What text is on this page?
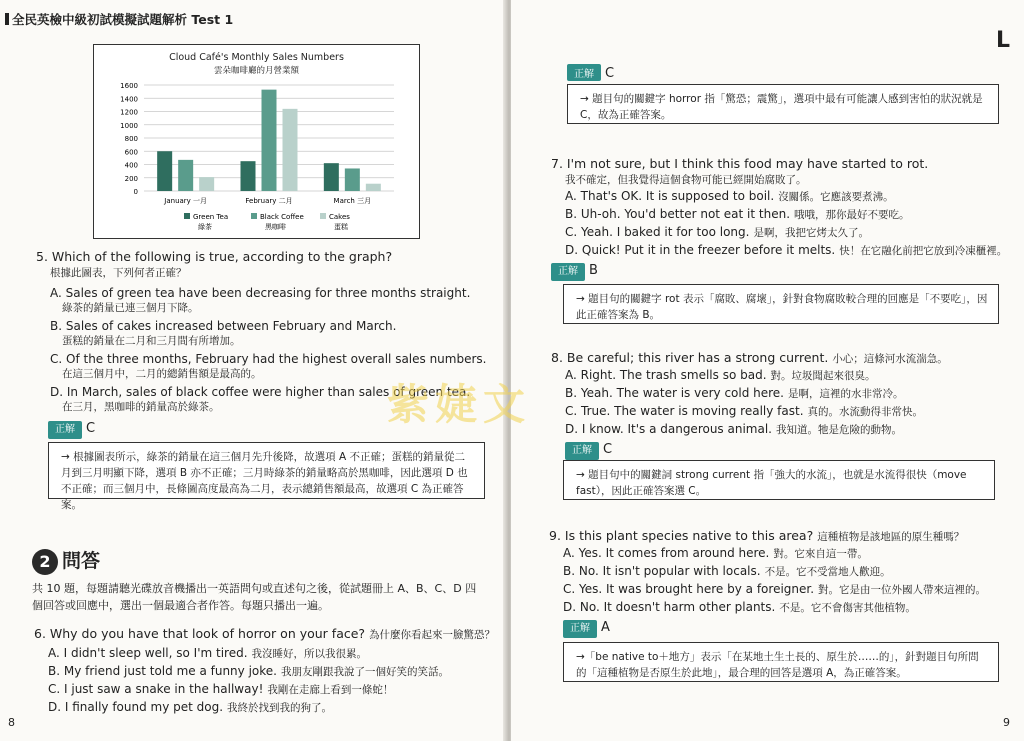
全民英檢中級初試模擬試題解析 Test 1
Cloud Café's Monthly Sales Numbers
雲朵咖啡廳的月營業額
0
200
400
600
800
1000
1200
1400
1600
January 一月	February 二月	March 三月
Green Tea
綠茶
Black Coffee
黑咖啡
Cakes
蛋糕
5. Which of the following is true, according to the graph?
根據此圖表，下列何者正確？
A. Sales of green tea have been decreasing for three months straight.
綠茶的銷量已連三個月下降。
B. Sales of cakes increased between February and March.
蛋糕的銷量在二月和三月間有所增加。
C. Of the three months, February had the highest overall sales numbers.
在這三個月中，二月的總銷售額是最高的。
D. In March, sales of black coffee were higher than sales of green tea.
在三月，黑咖啡的銷量高於綠茶。
正解 C
→ 根據圖表所示，綠茶的銷量在這三個月先升後降，故選項 A 不正確；蛋糕的銷量從二月到三月明顯下降，選項 B 亦不正確；三月時綠茶的銷量略高於黑咖啡，因此選項 D 也不正確；而三個月中，長條圖高度最高為二月，表示總銷售額最高，故選項 C 為正確答案。
2 問答
共 10 題，每題請聽光碟放音機播出一英語問句或直述句之後，從試題冊上 A、B、C、D 四個回答或回應中，選出一個最適合者作答。每題只播出一遍。
6. Why do you have that look of horror on your face? 為什麼你看起來一臉驚恐？
A. I didn't sleep well, so I'm tired. 我沒睡好，所以我很累。
B. My friend just told me a funny joke. 我朋友剛跟我說了一個好笑的笑話。
C. I just saw a snake in the hallway! 我剛在走廊上看到一條蛇！
D. I finally found my pet dog. 我終於找到我的狗了。
8
L
正解 C
→ 題目句的關鍵字 horror 指「驚恐；震驚」，選項中最有可能讓人感到害怕的狀況就是 C，故為正確答案。
7. I'm not sure, but I think this food may have started to rot.
我不確定，但我覺得這個食物可能已經開始腐敗了。
A. That's OK. It is supposed to boil. 沒關係。它應該要煮沸。
B. Uh-oh. You'd better not eat it then. 哦哦，那你最好不要吃。
C. Yeah. I baked it for too long. 是啊，我把它烤太久了。
D. Quick! Put it in the freezer before it melts. 快！在它融化前把它放到冷凍櫃裡。
正解 B
→ 題目句的關鍵字 rot 表示「腐敗、腐壞」，針對食物腐敗較合理的回應是「不要吃」，因此正確答案為 B。
8. Be careful; this river has a strong current. 小心；這條河水流湍急。
A. Right. The trash smells so bad. 對。垃圾聞起來很臭。
B. Yeah. The water is very cold here. 是啊，這裡的水非常冷。
C. True. The water is moving really fast. 真的。水流動得非常快。
D. I know. It's a dangerous animal. 我知道。牠是危險的動物。
正解 C
→ 題目句中的關鍵詞 strong current 指「強大的水流」，也就是水流得很快（move fast），因此正確答案選 C。
9. Is this plant species native to this area? 這種植物是該地區的原生種嗎？
A. Yes. It comes from around here. 對。它來自這一帶。
B. No. It isn't popular with locals. 不是。它不受當地人歡迎。
C. Yes. It was brought here by a foreigner. 對。它是由一位外國人帶來這裡的。
D. No. It doesn't harm other plants. 不是。它不會傷害其他植物。
正解 A
→「be native to＋地方」表示「在某地土生土長的、原生於……的」，針對題目句所問的「這種植物是否原生於此地」，最合理的回答是選項 A，為正確答案。
紫婕文
9
